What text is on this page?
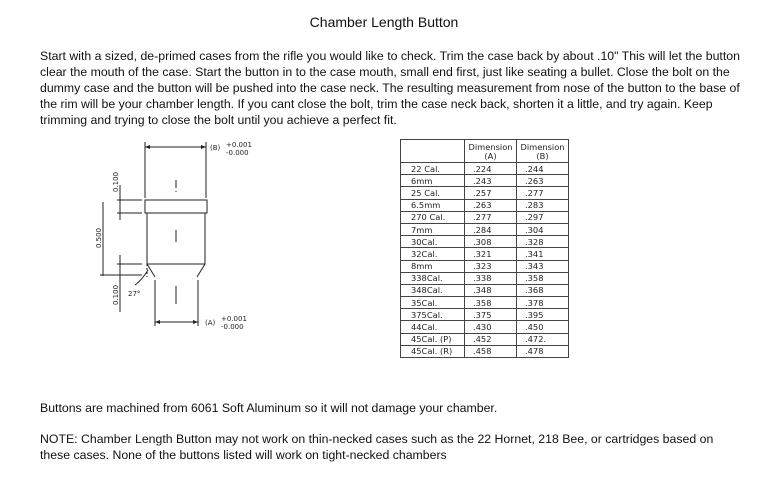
Chamber Length Button
Start with a sized, de-primed cases from the rifle you would like to check. Trim the case back by about .10" This will let the button clear the mouth of the case. Start the button in to the case mouth, small end first, just like seating a bullet. Close the bolt on the dummy case and the button will be pushed into the case neck. The resulting measurement from nose of the button to the base of the rim will be your chamber length. If you cant close the bolt, trim the case neck back, shorten it a little, and try again. Keep trimming and trying to close the bolt until you achieve a perfect fit.
(B) +0.001
-0.000
(A) +0.001
-0.000
27°
0.100
0.500
0.100
	Dimension
(A)	Dimension
(B)
22 Cal.	.224	.244
6mm	.243	.263
25 Cal.	.257	.277
6.5mm	.263	.283
270 Cal.	.277	.297
7mm	.284	.304
30Cal.	.308	.328
32Cal.	.321	.341
8mm	.323	.343
338Cal.	.338	.358
348Cal.	.348	.368
35Cal.	.358	.378
375Cal.	.375	.395
44Cal.	.430	.450
45Cal. (P)	.452	.472.
45Cal. (R)	.458	.478
Buttons are machined from 6061 Soft Aluminum so it will not damage your chamber.
NOTE: Chamber Length Button may not work on thin-necked cases such as the 22 Hornet, 218 Bee, or cartridges based on these cases. None of the buttons listed will work on tight-necked chambers
